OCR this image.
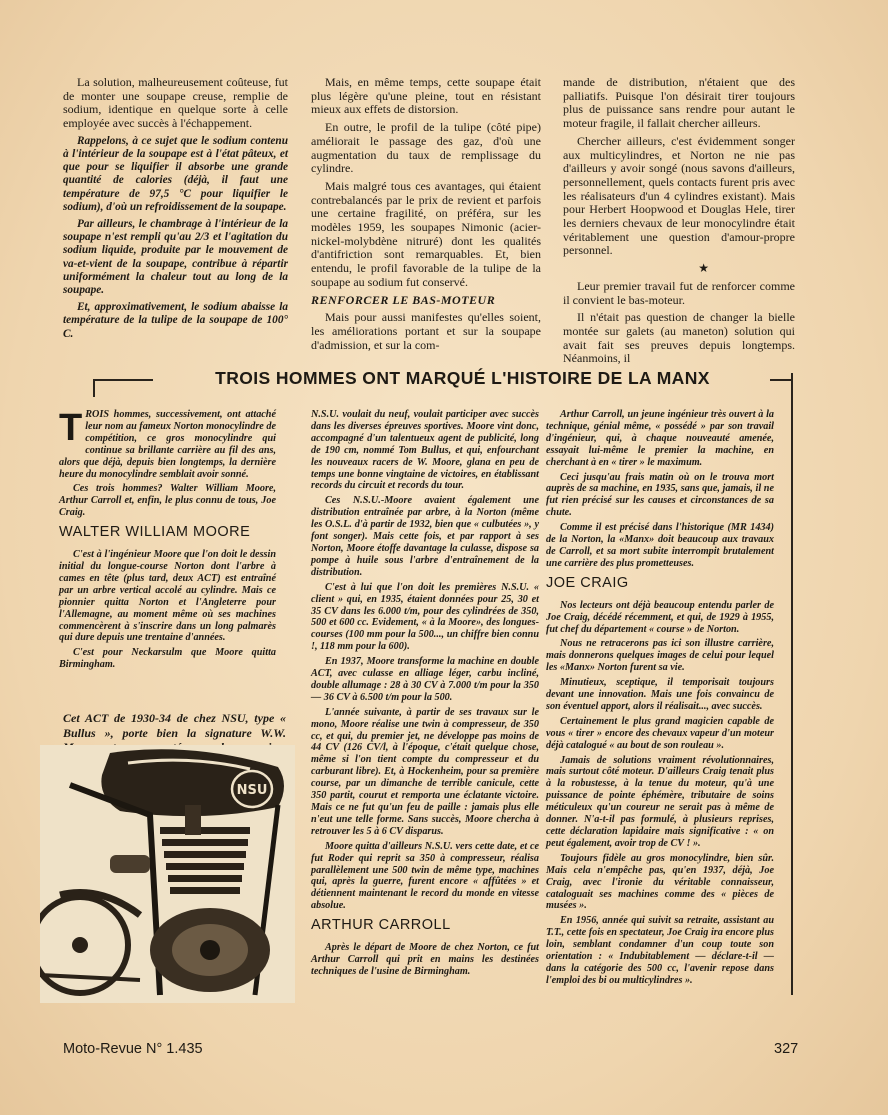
La solution, malheureusement coûteuse, fut de monter une soupape creuse, remplie de sodium, identique en quelque sorte à celle employée avec succès à l'échappement.

Rappelons, à ce sujet que le sodium contenu à l'intérieur de la soupape est à l'état pâteux, et que pour se liquifier il absorbe une grande quantité de calories (déjà, il faut une température de 97,5 °C pour liquifier le sodium), d'où un refroidissement de la soupape.

Par ailleurs, le chambrage à l'intérieur de la soupape n'est rempli qu'au 2/3 et l'agitation du sodium liquide, produite par le mouvement de va-et-vient de la soupape, contribue à répartir uniformément la chaleur tout au long de la soupape.

Et, approximativement, le sodium abaisse la température de la tulipe de la soupape de 100° C.

Mais, en même temps, cette soupape était plus légère qu'une pleine, tout en résistant mieux aux effets de distorsion.

En outre, le profil de la tulipe (côté pipe) améliorait le passage des gaz, d'où une augmentation du taux de remplissage du cylindre.

Mais malgré tous ces avantages, qui étaient contrebalancés par le prix de revient et parfois une certaine fragilité, on préféra, sur les modèles 1959, les soupapes Nimonic (acier-nickel-molybdène nitruré) dont les qualités d'antifriction sont remarquables. Et, bien entendu, le profil favorable de la tulipe de la soupape au sodium fut conservé.

RENFORCER LE BAS-MOTEUR

Mais pour aussi manifestes qu'elles soient, les améliorations portant et sur la soupape d'admission, et sur la com-

mande de distribution, n'étaient que des palliatifs. Puisque l'on désirait tirer toujours plus de puissance sans rendre pour autant le moteur fragile, il fallait chercher ailleurs.

Chercher ailleurs, c'est évidemment songer aux multicylindres, et Norton ne nie pas d'ailleurs y avoir songé (nous savons d'ailleurs, personnellement, quels contacts furent pris avec les réalisateurs d'un 4 cylindres existant). Mais pour Herbert Hoopwood et Douglas Hele, tirer les derniers chevaux de leur monocylindre était véritablement une question d'amour-propre personnel.

★

Leur premier travail fut de renforcer comme il convient le bas-moteur.

Il n'était pas question de changer la bielle montée sur galets (au maneton) solution qui avait fait ses preuves depuis longtemps. Néanmoins, il

TROIS HOMMES ONT MARQUÉ L'HISTOIRE DE LA MANX

TROIS hommes, successivement, ont attaché leur nom au fameux Norton monocylindre de compétition, ce gros monocylindre qui continue sa brillante carrière au fil des ans, alors que déjà, depuis bien longtemps, la dernière heure du monocylindre semblait avoir sonné.

Ces trois hommes? Walter William Moore, Arthur Carroll et, enfin, le plus connu de tous, Joe Craig.

WALTER WILLIAM MOORE

C'est à l'ingénieur Moore que l'on doit le dessin initial du longue-course Norton dont l'arbre à cames en tête (plus tard, deux ACT) est entraîné par un arbre vertical accolé au cylindre. Mais ce pionnier quitta Norton et l'Angleterre pour l'Allemagne, au moment même où ses machines commencèrent à s'inscrire dans un long palmarès qui dure depuis une trentaine d'années.

C'est pour Neckarsulm que Moore quitta Birmingham.

Cet ACT de 1930-34 de chez NSU, type « Bullus », porte bien la signature W.W.
NSU

N.S.U. voulait du neuf, voulait participer avec succès dans les diverses épreuves sportives. Moore vint donc, accompagné d'un talentueux agent de publicité, long de 190 cm, nommé Tom Bullus, et qui, enfourchant les nouveaux racers de W. Moore, glana en peu de temps une bonne vingtaine de victoires, en établissant records du circuit et records du tour.

Ces N.S.U.-Moore avaient également une distribution entraînée par arbre, à la Norton (même les O.S.L. d'à partir de 1932, bien que « culbutées », y font songer). Mais cette fois, et par rapport à ses Norton, Moore étoffe davantage la culasse, dispose sa pompe à huile sous l'arbre d'entraînement de la distribution.

C'est à lui que l'on doit les premières N.S.U. « client » qui, en 1935, étaient données pour 25, 30 et 35 CV dans les 6.000 t/m, pour des cylindrées de 350, 500 et 600 cc. Evidement, « à la Moore», des longues-courses (100 mm pour la 500..., un chiffre bien connu !, 118 mm pour la 600).

En 1937, Moore transforme la machine en double ACT, avec culasse en alliage léger, carbu incliné, double allumage : 28 à 30 CV à 7.000 t/m pour la 350 — 36 CV à 6.500 t/m pour la 500.

L'année suivante, à partir de ses travaux sur le mono, Moore réalise une twin à compresseur, de 350 cc, et qui, du premier jet, ne développe pas moins de 44 CV (126 CV/l, à l'époque, c'était quelque chose, même si l'on tient compte du compresseur et du carburant libre). Et, à Hockenheim, pour sa première course, par un dimanche de terrible canicule, cette 350 partit, courut et remporta une éclatante victoire. Mais ce ne fut qu'un feu de paille : jamais plus elle n'eut une telle forme. Sans succès, Moore chercha à retrouver les 5 à 6 CV disparus.

Moore quitta d'ailleurs N.S.U. vers cette date, et ce fut Roder qui reprit sa 350 à compresseur, réalisa parallèlement une 500 twin de même type, machines qui, après la guerre, furent encore « affûtées » et détiennent maintenant le record du monde en vitesse absolue.

ARTHUR CARROLL

Après le départ de Moore de chez Norton, ce fut Arthur Carroll qui prit en mains les destinées techniques de l'usine de Birmingham.

Arthur Carroll, un jeune ingénieur très ouvert à la technique, génial même, « possédé » par son travail d'ingénieur, qui, à chaque nouveauté amenée, essayait lui-même le premier la machine, en cherchant à en « tirer » le maximum.

Ceci jusqu'au frais matin où on le trouva mort auprès de sa machine, en 1935, sans que, jamais, il ne fut rien précisé sur les causes et circonstances de sa chute.

Comme il est précisé dans l'historique (MR 1434) de la Norton, la «Manx» doit beaucoup aux travaux de Carroll, et sa mort subite interrompit brutalement une carrière des plus prometteuses.

JOE CRAIG

Nos lecteurs ont déjà beaucoup entendu parler de Joe Craig, décédé récemment, et qui, de 1929 à 1955, fut chef du département « course » de Norton.

Nous ne retracerons pas ici son illustre carrière, mais donnerons quelques images de celui pour lequel les «Manx» Norton furent sa vie.

Minutieux, sceptique, il temporisait toujours devant une innovation. Mais une fois convaincu de son éventuel apport, alors il réalisait..., avec succès.

Certainement le plus grand magicien capable de vous « tirer » encore des chevaux vapeur d'un moteur déjà catalogué « au bout de son rouleau ».

Jamais de solutions vraiment révolutionnaires, mais surtout côté moteur. D'ailleurs Craig tenait plus à la robustesse, à la tenue du moteur, qu'à une puissance de pointe éphémère, tributaire de soins méticuleux qu'un coureur ne serait pas à même de donner. N'a-t-il pas formulé, à plusieurs reprises, cette déclaration lapidaire mais significative : « on peut également, avoir trop de CV ! ».

Toujours fidèle au gros monocylindre, bien sûr. Mais cela n'empêche pas, qu'en 1937, déjà, Joe Craig, avec l'ironie du véritable connaisseur, cataloguait ses machines comme des « pièces de musées ».

En 1956, année qui suivit sa retraite, assistant au T.T., cette fois en spectateur, Joe Craig ira encore plus loin, semblant condamner d'un coup toute son orientation : « Indubitablement — déclare-t-il — dans la catégorie des 500 cc, l'avenir repose dans l'emploi des bi ou multicylindres ».

Moto-Revue N° 1.435	327
